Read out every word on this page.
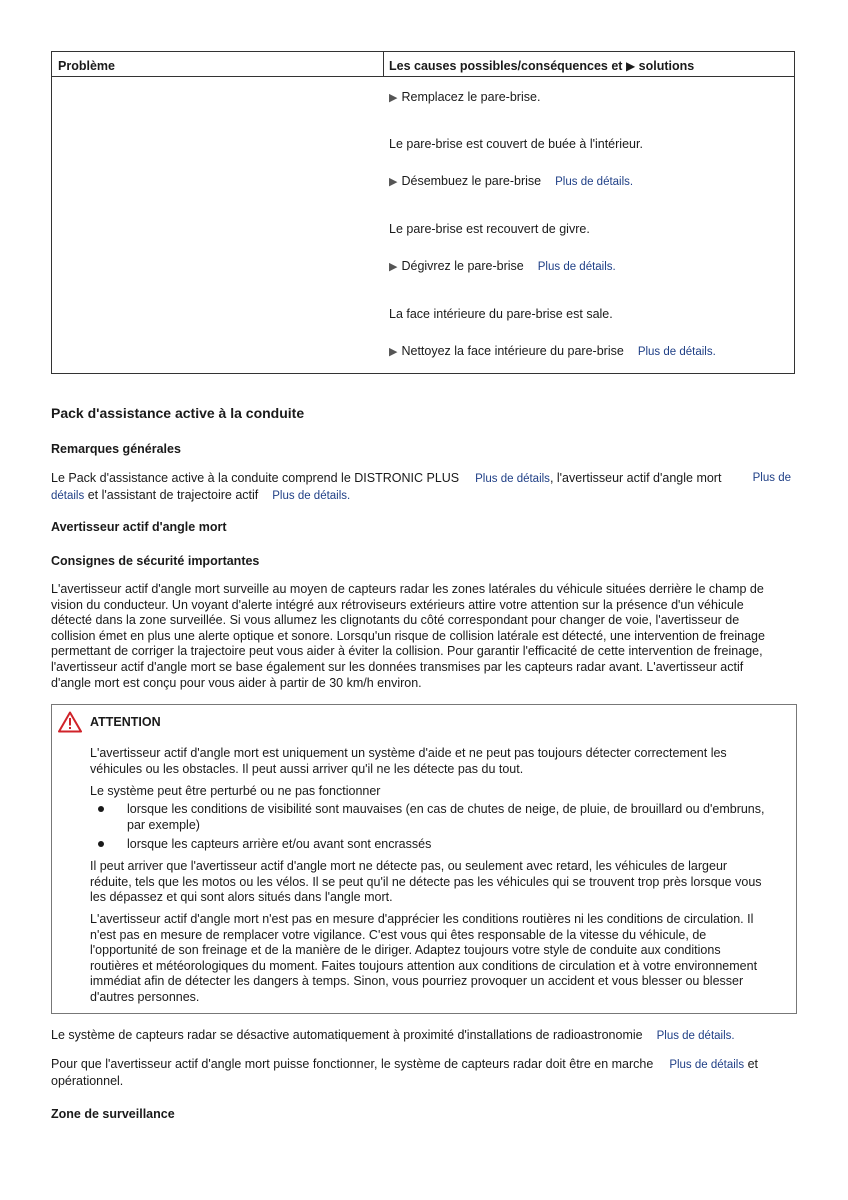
Problème	Les causes possibles/conséquences et ▶ solutions
▶ Remplacez le pare-brise.
Le pare-brise est couvert de buée à l'intérieur.
▶ Désembuez le pare-brise Plus de détails.
Le pare-brise est recouvert de givre.
▶ Dégivrez le pare-brise Plus de détails.
La face intérieure du pare-brise est sale.
▶ Nettoyez la face intérieure du pare-brise Plus de détails.
Pack d'assistance active à la conduite
Remarques générales
Le Pack d'assistance active à la conduite comprend le DISTRONIC PLUS Plus de détails, l'avertisseur actif d'angle mort	Plus de
détails et l'assistant de trajectoire actif Plus de détails.
Avertisseur actif d'angle mort
Consignes de sécurité importantes
L'avertisseur actif d'angle mort surveille au moyen de capteurs radar les zones latérales du véhicule situées derrière le champ de
vision du conducteur. Un voyant d'alerte intégré aux rétroviseurs extérieurs attire votre attention sur la présence d'un véhicule
détecté dans la zone surveillée. Si vous allumez les clignotants du côté correspondant pour changer de voie, l'avertisseur de
collision émet en plus une alerte optique et sonore. Lorsqu'un risque de collision latérale est détecté, une intervention de freinage
permettant de corriger la trajectoire peut vous aider à éviter la collision. Pour garantir l'efficacité de cette intervention de freinage,
l'avertisseur actif d'angle mort se base également sur les données transmises par les capteurs radar avant. L'avertisseur actif
d'angle mort est conçu pour vous aider à partir de 30 km/h environ.
ATTENTION
L'avertisseur actif d'angle mort est uniquement un système d'aide et ne peut pas toujours détecter correctement les
véhicules ou les obstacles. Il peut aussi arriver qu'il ne les détecte pas du tout.
Le système peut être perturbé ou ne pas fonctionner
lorsque les conditions de visibilité sont mauvaises (en cas de chutes de neige, de pluie, de brouillard ou d'embruns,
par exemple)
lorsque les capteurs arrière et/ou avant sont encrassés
Il peut arriver que l'avertisseur actif d'angle mort ne détecte pas, ou seulement avec retard, les véhicules de largeur
réduite, tels que les motos ou les vélos. Il se peut qu'il ne détecte pas les véhicules qui se trouvent trop près lorsque vous
les dépassez et qui sont alors situés dans l'angle mort.
L'avertisseur actif d'angle mort n'est pas en mesure d'apprécier les conditions routières ni les conditions de circulation. Il
n'est pas en mesure de remplacer votre vigilance. C'est vous qui êtes responsable de la vitesse du véhicule, de
l'opportunité de son freinage et de la manière de le diriger. Adaptez toujours votre style de conduite aux conditions
routières et météorologiques du moment. Faites toujours attention aux conditions de circulation et à votre environnement
immédiat afin de détecter les dangers à temps. Sinon, vous pourriez provoquer un accident et vous blesser ou blesser
d'autres personnes.
Le système de capteurs radar se désactive automatiquement à proximité d'installations de radioastronomie Plus de détails.
Pour que l'avertisseur actif d'angle mort puisse fonctionner, le système de capteurs radar doit être en marche Plus de détails et
opérationnel.
Zone de surveillance
